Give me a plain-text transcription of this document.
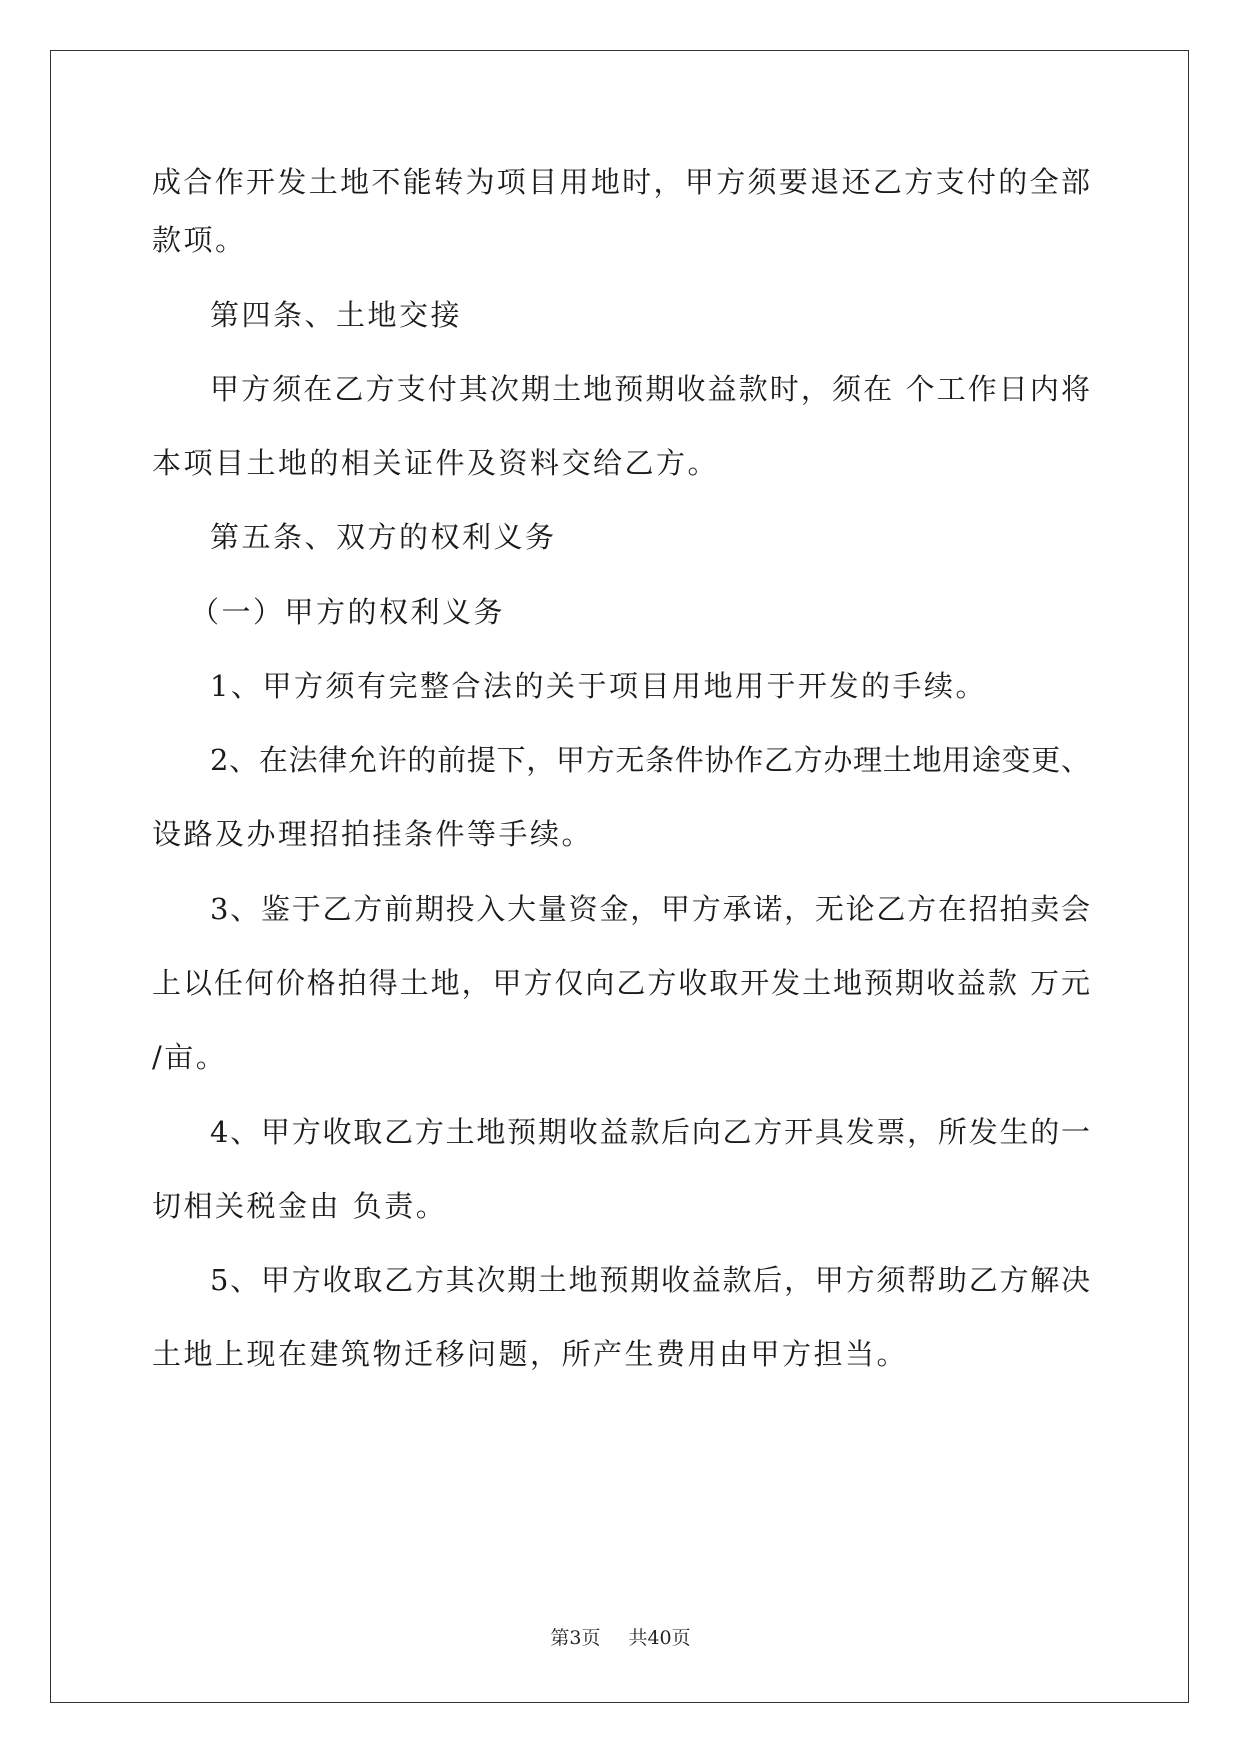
成合作开发土地不能转为项目用地时，甲方须要退还乙方支付的全部
款项。
第四条、土地交接
甲方须在乙方支付其次期土地预期收益款时，须在 个工作日内将
本项目土地的相关证件及资料交给乙方。
第五条、双方的权利义务
（一）甲方的权利义务
1、甲方须有完整合法的关于项目用地用于开发的手续。
2、在法律允许的前提下，甲方无条件协作乙方办理土地用途变更、
设路及办理招拍挂条件等手续。
3、鉴于乙方前期投入大量资金，甲方承诺，无论乙方在招拍卖会
上以任何价格拍得土地，甲方仅向乙方收取开发土地预期收益款 万元
/亩。
4、甲方收取乙方土地预期收益款后向乙方开具发票，所发生的一
切相关税金由 负责。
5、甲方收取乙方其次期土地预期收益款后，甲方须帮助乙方解决
土地上现在建筑物迁移问题，所产生费用由甲方担当。
第3页 共40页
